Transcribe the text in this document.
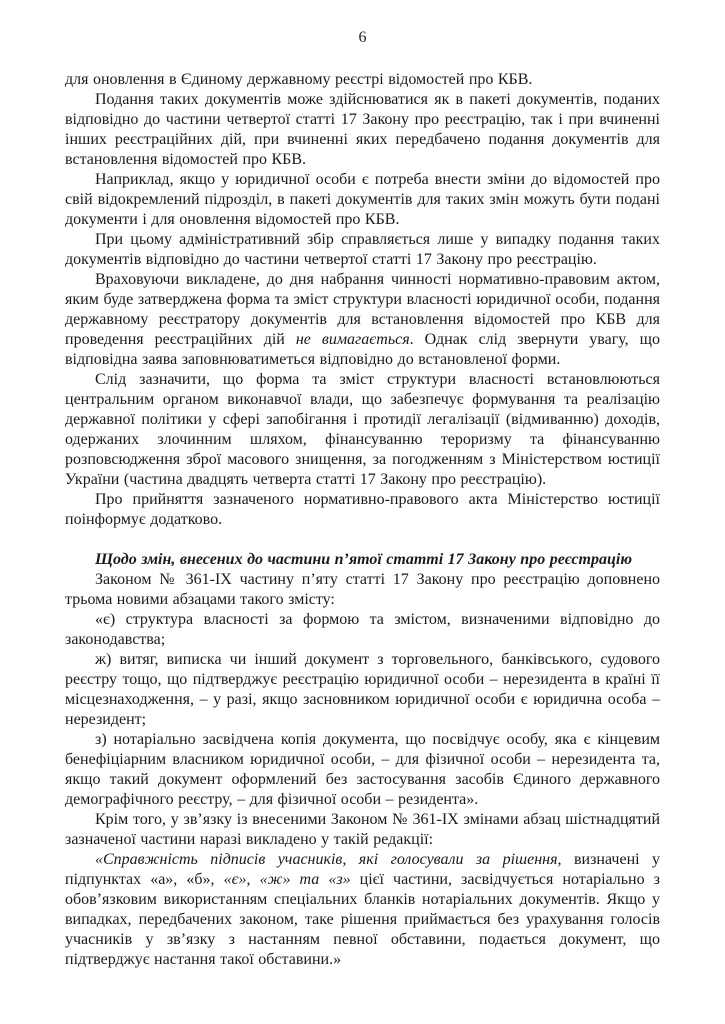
6

для оновлення в Єдиному державному реєстрі відомостей про КБВ.

Подання таких документів може здійснюватися як в пакеті документів, поданих відповідно до частини четвертої статті 17 Закону про реєстрацію, так і при вчиненні інших реєстраційних дій, при вчиненні яких передбачено подання документів для встановлення відомостей про КБВ.

Наприклад, якщо у юридичної особи є потреба внести зміни до відомостей про свій відокремлений підрозділ, в пакеті документів для таких змін можуть бути подані документи і для оновлення відомостей про КБВ.

При цьому адміністративний збір справляється лише у випадку подання таких документів відповідно до частини четвертої статті 17 Закону про реєстрацію.

Враховуючи викладене, до дня набрання чинності нормативно-правовим актом, яким буде затверджена форма та зміст структури власності юридичної особи, подання державному реєстратору документів для встановлення відомостей про КБВ для проведення реєстраційних дій не вимагається. Однак слід звернути увагу, що відповідна заява заповнюватиметься відповідно до встановленої форми.

Слід зазначити, що форма та зміст структури власності встановлюються центральним органом виконавчої влади, що забезпечує формування та реалізацію державної політики у сфері запобігання і протидії легалізації (відмиванню) доходів, одержаних злочинним шляхом, фінансуванню тероризму та фінансуванню розповсюдження зброї масового знищення, за погодженням з Міністерством юстиції України (частина двадцять четверта статті 17 Закону про реєстрацію).

Про прийняття зазначеного нормативно-правового акта Міністерство юстиції поінформує додатково.

Щодо змін, внесених до частини п’ятої статті 17 Закону про реєстрацію

Законом № 361-IX частину п’яту статті 17 Закону про реєстрацію доповнено трьома новими абзацами такого змісту:

«є) структура власності за формою та змістом, визначеними відповідно до законодавства;

ж) витяг, виписка чи інший документ з торговельного, банківського, судового реєстру тощо, що підтверджує реєстрацію юридичної особи – нерезидента в країні її місцезнаходження, – у разі, якщо засновником юридичної особи є юридична особа – нерезидент;

з) нотаріально засвідчена копія документа, що посвідчує особу, яка є кінцевим бенефіціарним власником юридичної особи, – для фізичної особи – нерезидента та, якщо такий документ оформлений без застосування засобів Єдиного державного демографічного реєстру, – для фізичної особи – резидента».

Крім того, у зв’язку із внесеними Законом № 361-IX змінами абзац шістнадцятий зазначеної частини наразі викладено у такій редакції:

«Справжність підписів учасників, які голосували за рішення, визначені у підпунктах «а», «б», «є», «ж» та «з» цієї частини, засвідчується нотаріально з обов’язковим використанням спеціальних бланків нотаріальних документів. Якщо у випадках, передбачених законом, таке рішення приймається без урахування голосів учасників у зв’язку з настанням певної обставини, подається документ, що підтверджує настання такої обставини.»
